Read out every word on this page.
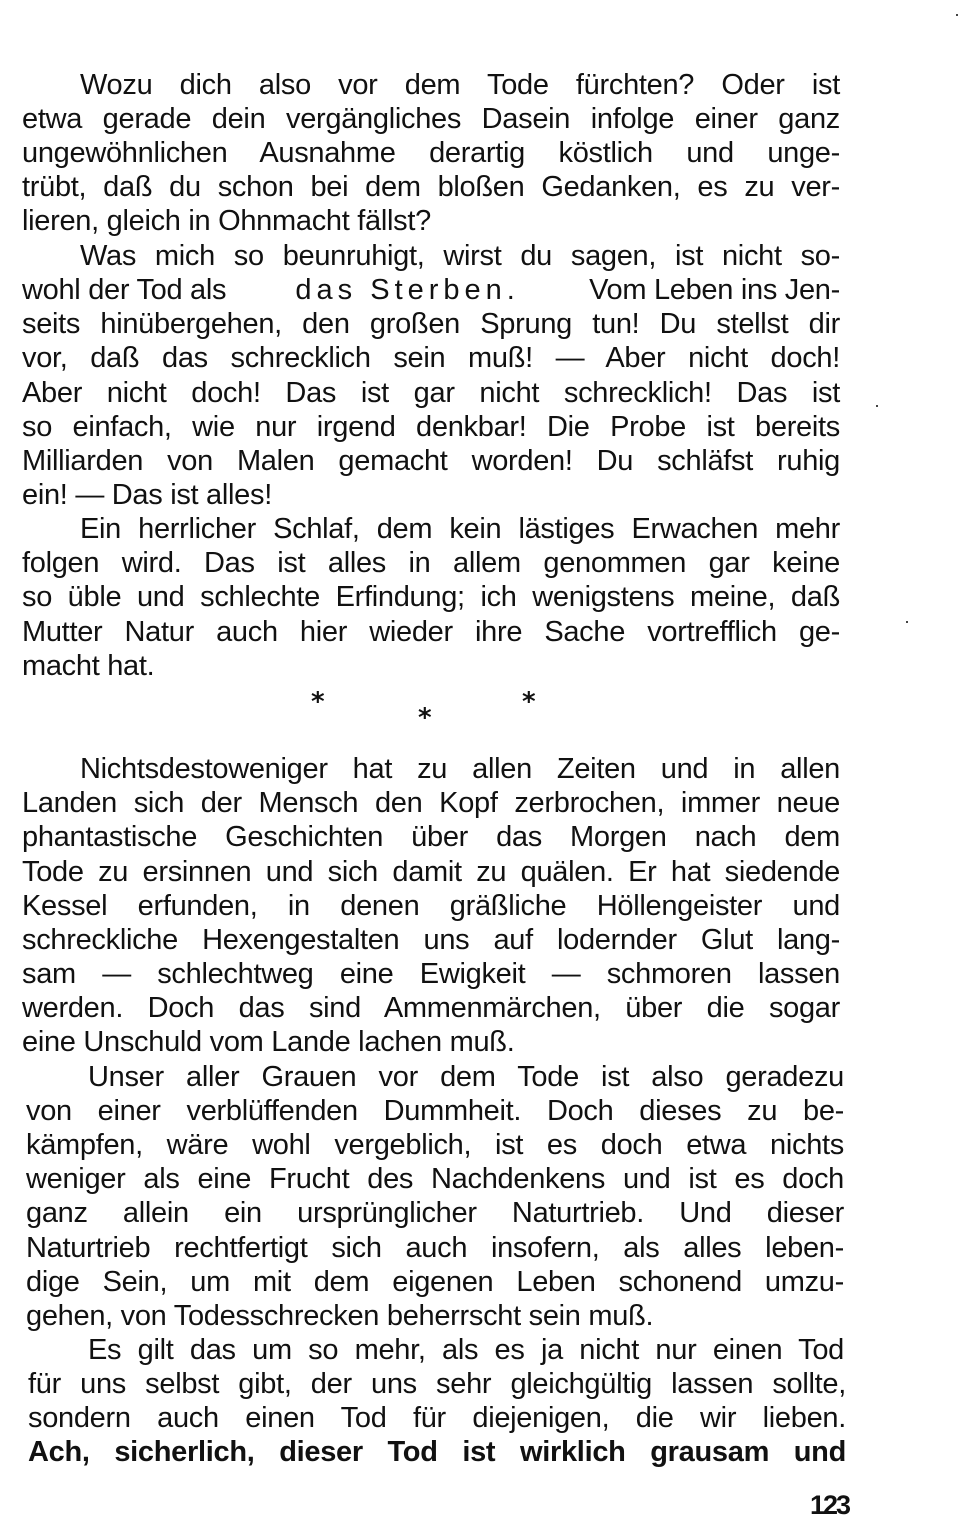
Wozu dich also vor dem Tode fürchten? Oder ist
etwa gerade dein vergängliches Dasein infolge einer ganz
ungewöhnlichen Ausnahme derartig köstlich und unge-
trübt, daß du schon bei dem bloßen Gedanken, es zu ver-
lieren, gleich in Ohnmacht fällst?
Was mich so beunruhigt, wirst du sagen, ist nicht so-
wohl der Tod als das Sterben. Vom Leben ins Jen-
seits hinübergehen, den großen Sprung tun! Du stellst dir
vor, daß das schrecklich sein muß! — Aber nicht doch!
Aber nicht doch! Das ist gar nicht schrecklich! Das ist
so einfach, wie nur irgend denkbar! Die Probe ist bereits
Milliarden von Malen gemacht worden! Du schläfst ruhig
ein! — Das ist alles!
Ein herrlicher Schlaf, dem kein lästiges Erwachen mehr
folgen wird. Das ist alles in allem genommen gar keine
so üble und schlechte Erfindung; ich wenigstens meine, daß
Mutter Natur auch hier wieder ihre Sache vortrefflich ge-
macht hat.
*
*
*
Nichtsdestoweniger hat zu allen Zeiten und in allen
Landen sich der Mensch den Kopf zerbrochen, immer neue
phantastische Geschichten über das Morgen nach dem
Tode zu ersinnen und sich damit zu quälen. Er hat siedende
Kessel erfunden, in denen gräßliche Höllengeister und
schreckliche Hexengestalten uns auf lodernder Glut lang-
sam — schlechtweg eine Ewigkeit — schmoren lassen
werden. Doch das sind Ammenmärchen, über die sogar
eine Unschuld vom Lande lachen muß.
Unser aller Grauen vor dem Tode ist also geradezu
von einer verblüffenden Dummheit. Doch dieses zu be-
kämpfen, wäre wohl vergeblich, ist es doch etwa nichts
weniger als eine Frucht des Nachdenkens und ist es doch
ganz allein ein ursprünglicher Naturtrieb. Und dieser
Naturtrieb rechtfertigt sich auch insofern, als alles leben-
dige Sein, um mit dem eigenen Leben schonend umzu-
gehen, von Todesschrecken beherrscht sein muß.
Es gilt das um so mehr, als es ja nicht nur einen Tod
für uns selbst gibt, der uns sehr gleichgültig lassen sollte,
sondern auch einen Tod für diejenigen, die wir lieben.
Ach, sicherlich, dieser Tod ist wirklich grausam und
123
